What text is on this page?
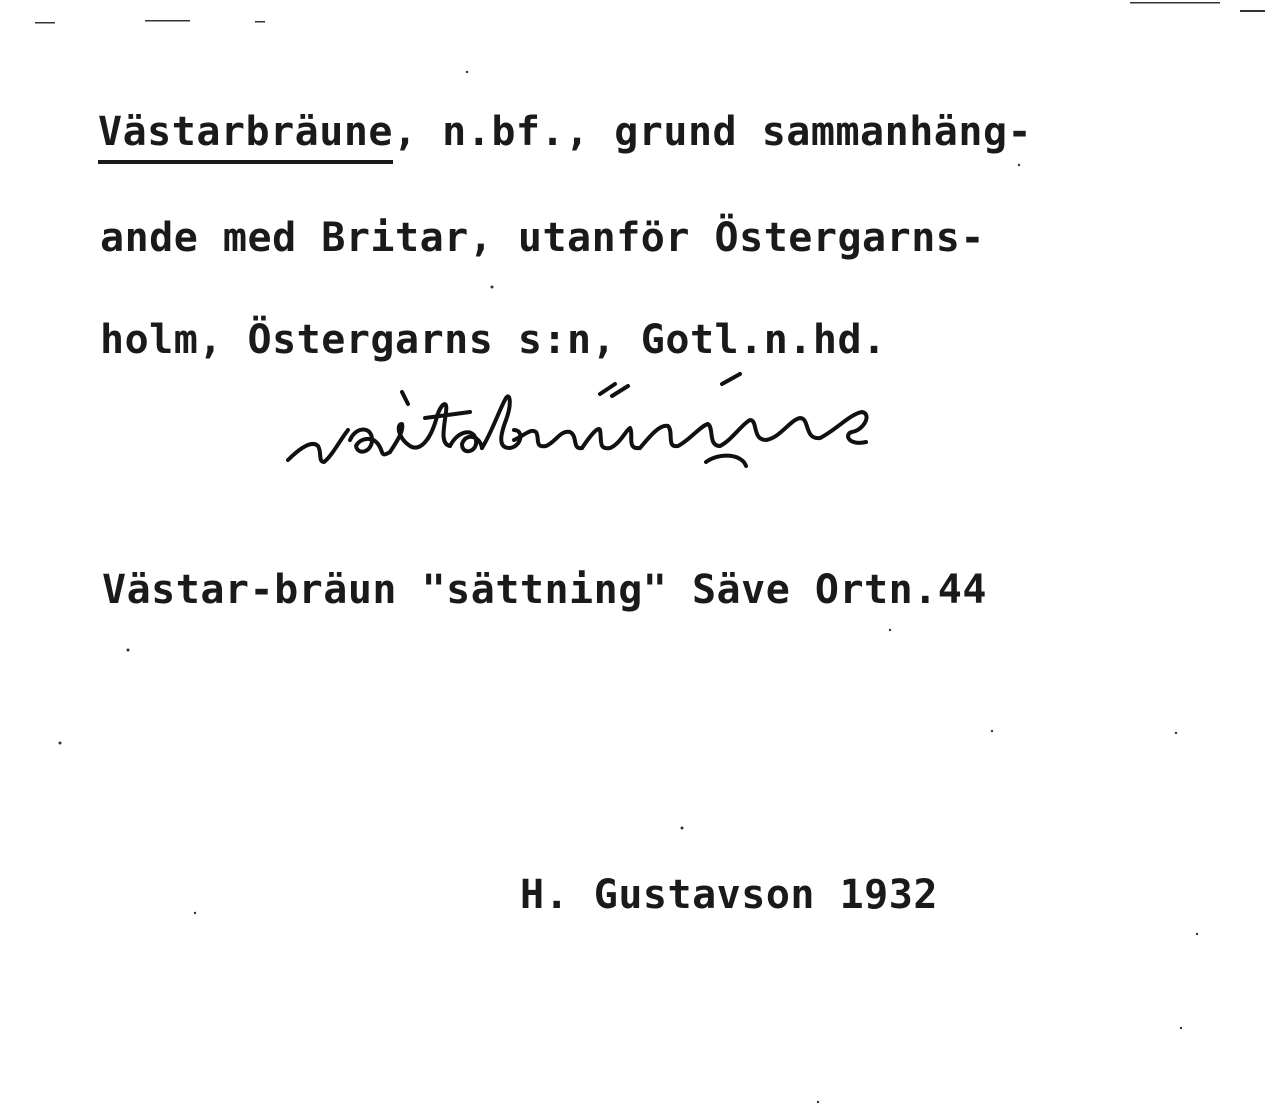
Västarbräune
, n.bf., grund sammanhäng-
ande med Britar, utanför Östergarns-
holm, Östergarns s:n, Gotl.n.hd.
Västar-bräun "sättning" Säve Ortn.44
H. Gustavson 1932
